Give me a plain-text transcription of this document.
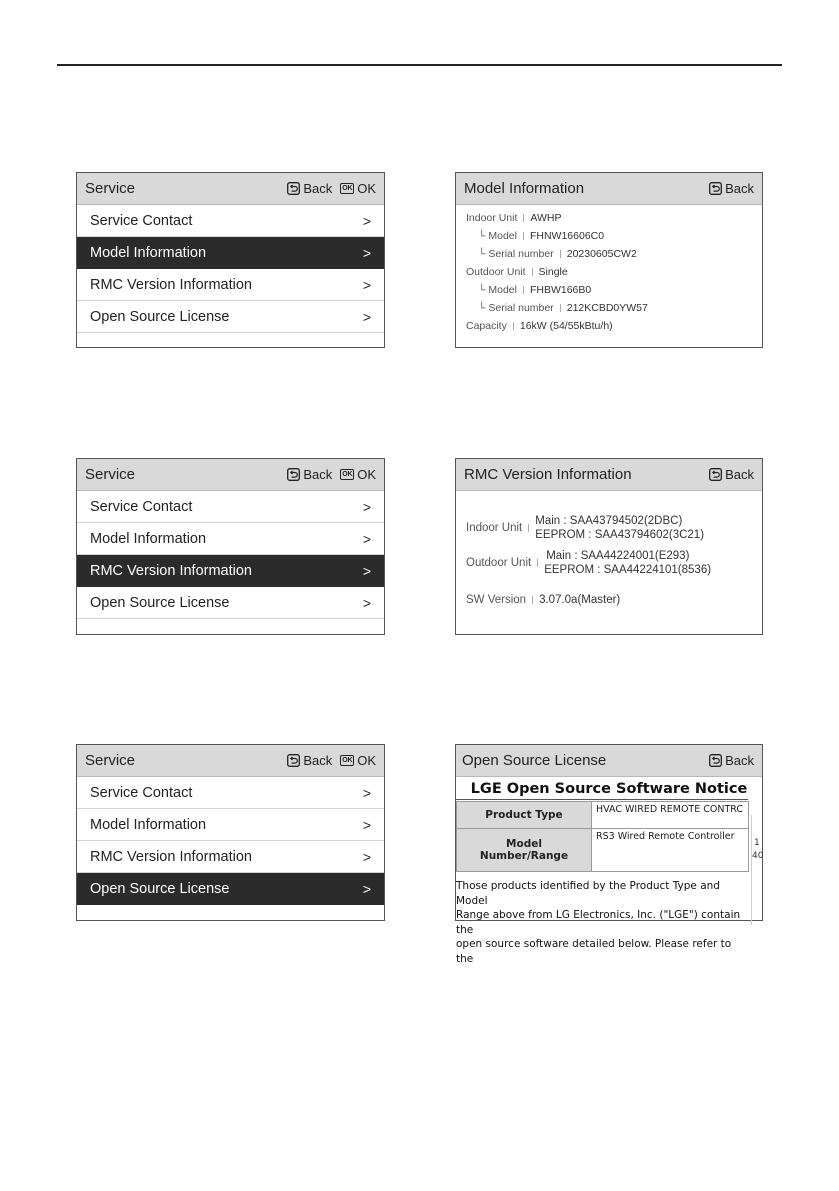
Service	Back OK OK
Service Contact	>
Model Information	>
RMC Version Information	>
Open Source License	>
Model Information	Back
Indoor Unit AWHP
└ Model FHNW16606C0
└ Serial number 20230605CW2
Outdoor Unit Single
└ Model FHBW166B0
└ Serial number 212KCBD0YW57
Capacity 16kW (54/55kBtu/h)
Service	Back OK OK
Service Contact	>
Model Information	>
RMC Version Information	>
Open Source License	>
RMC Version Information	Back
Indoor Unit
Main : SAA43794502(2DBC)
EEPROM : SAA43794602(3C21)
Outdoor Unit
Main : SAA44224001(E293)
EEPROM : SAA44224101(8536)
SW Version 3.07.0a(Master)
Service	Back OK OK
Service Contact	>
Model Information	>
RMC Version Information	>
Open Source License	>
Open Source License	Back
LGE Open Source Software Notice
Product Type	HVAC WIRED REMOTE CONTRC

Model
Number/Range	RS3 Wired Remote Controller
1
40
Those products identified by the Product Type and Model
Range above from LG Electronics, Inc. ("LGE") contain the
open source software detailed below. Please refer to the
